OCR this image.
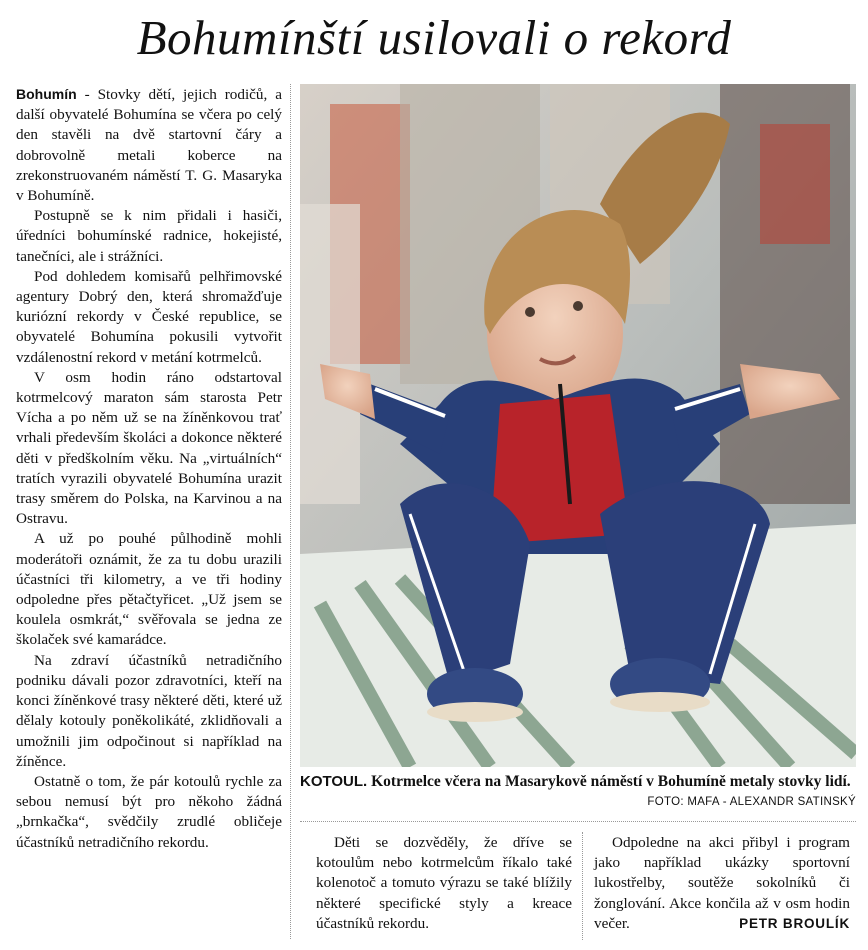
Bohumínští usilovali o rekord

Bohumín - Stovky dětí, jejich rodičů, a další obyvatelé Bohumína se včera po celý den stavěli na dvě startovní čáry a dobrovolně metali koberce na zrekonstruovaném náměstí T. G. Masaryka v Bohumíně.

Postupně se k nim přidali i hasiči, úředníci bohumínské radnice, hokejisté, tanečníci, ale i strážníci.

Pod dohledem komisařů pelhřimovské agentury Dobrý den, která shromažďuje kuriózní rekordy v České republice, se obyvatelé Bohumína pokusili vytvořit vzdálenostní rekord v metání kotrmelců.

V osm hodin ráno odstartoval kotrmelcový maraton sám starosta Petr Vícha a po něm už se na žíněnkovou trať vrhali především školáci a dokonce některé děti v předškolním věku. Na „virtuálních“ tratích vyrazili obyvatelé Bohumína urazit trasy směrem do Polska, na Karvinou a na Ostravu.

A už po pouhé půlhodině mohli moderátoři oznámit, že za tu dobu urazili účastníci tři kilometry, a ve tři hodiny odpoledne přes pětačtyřicet. „Už jsem se koulela osmkrát,“ svěřovala se jedna ze školaček své kamarádce.

Na zdraví účastníků netradičního podniku dávali pozor zdravotníci, kteří na konci žíněnkové trasy některé děti, které už dělaly kotouly poněkolikáté, zklidňovali a umožnili jim odpočinout si například na žíněnce.

Ostatně o tom, že pár kotoulů rychle za sebou nemusí být pro někoho žádná „brnkačka“, svědčily zrudlé obličeje účastníků netradičního rekordu.

KOTOUL. Kotrmelce včera na Masarykově náměstí v Bohumíně metaly stovky lidí.
FOTO: MAFA - ALEXANDR SATINSKÝ

Děti se dozvěděly, že dříve se kotoulům nebo kotrmelcům říkalo také kolenotoč a tomuto výrazu se také blížily některé specifické styly a kreace účastníků rekordu.

Odpoledne na akci přibyl i program jako například ukázky sportovní lukostřelby, soutěže sokolníků či žonglování. Akce končila až v osm hodin večer.	PETR BROULÍK
